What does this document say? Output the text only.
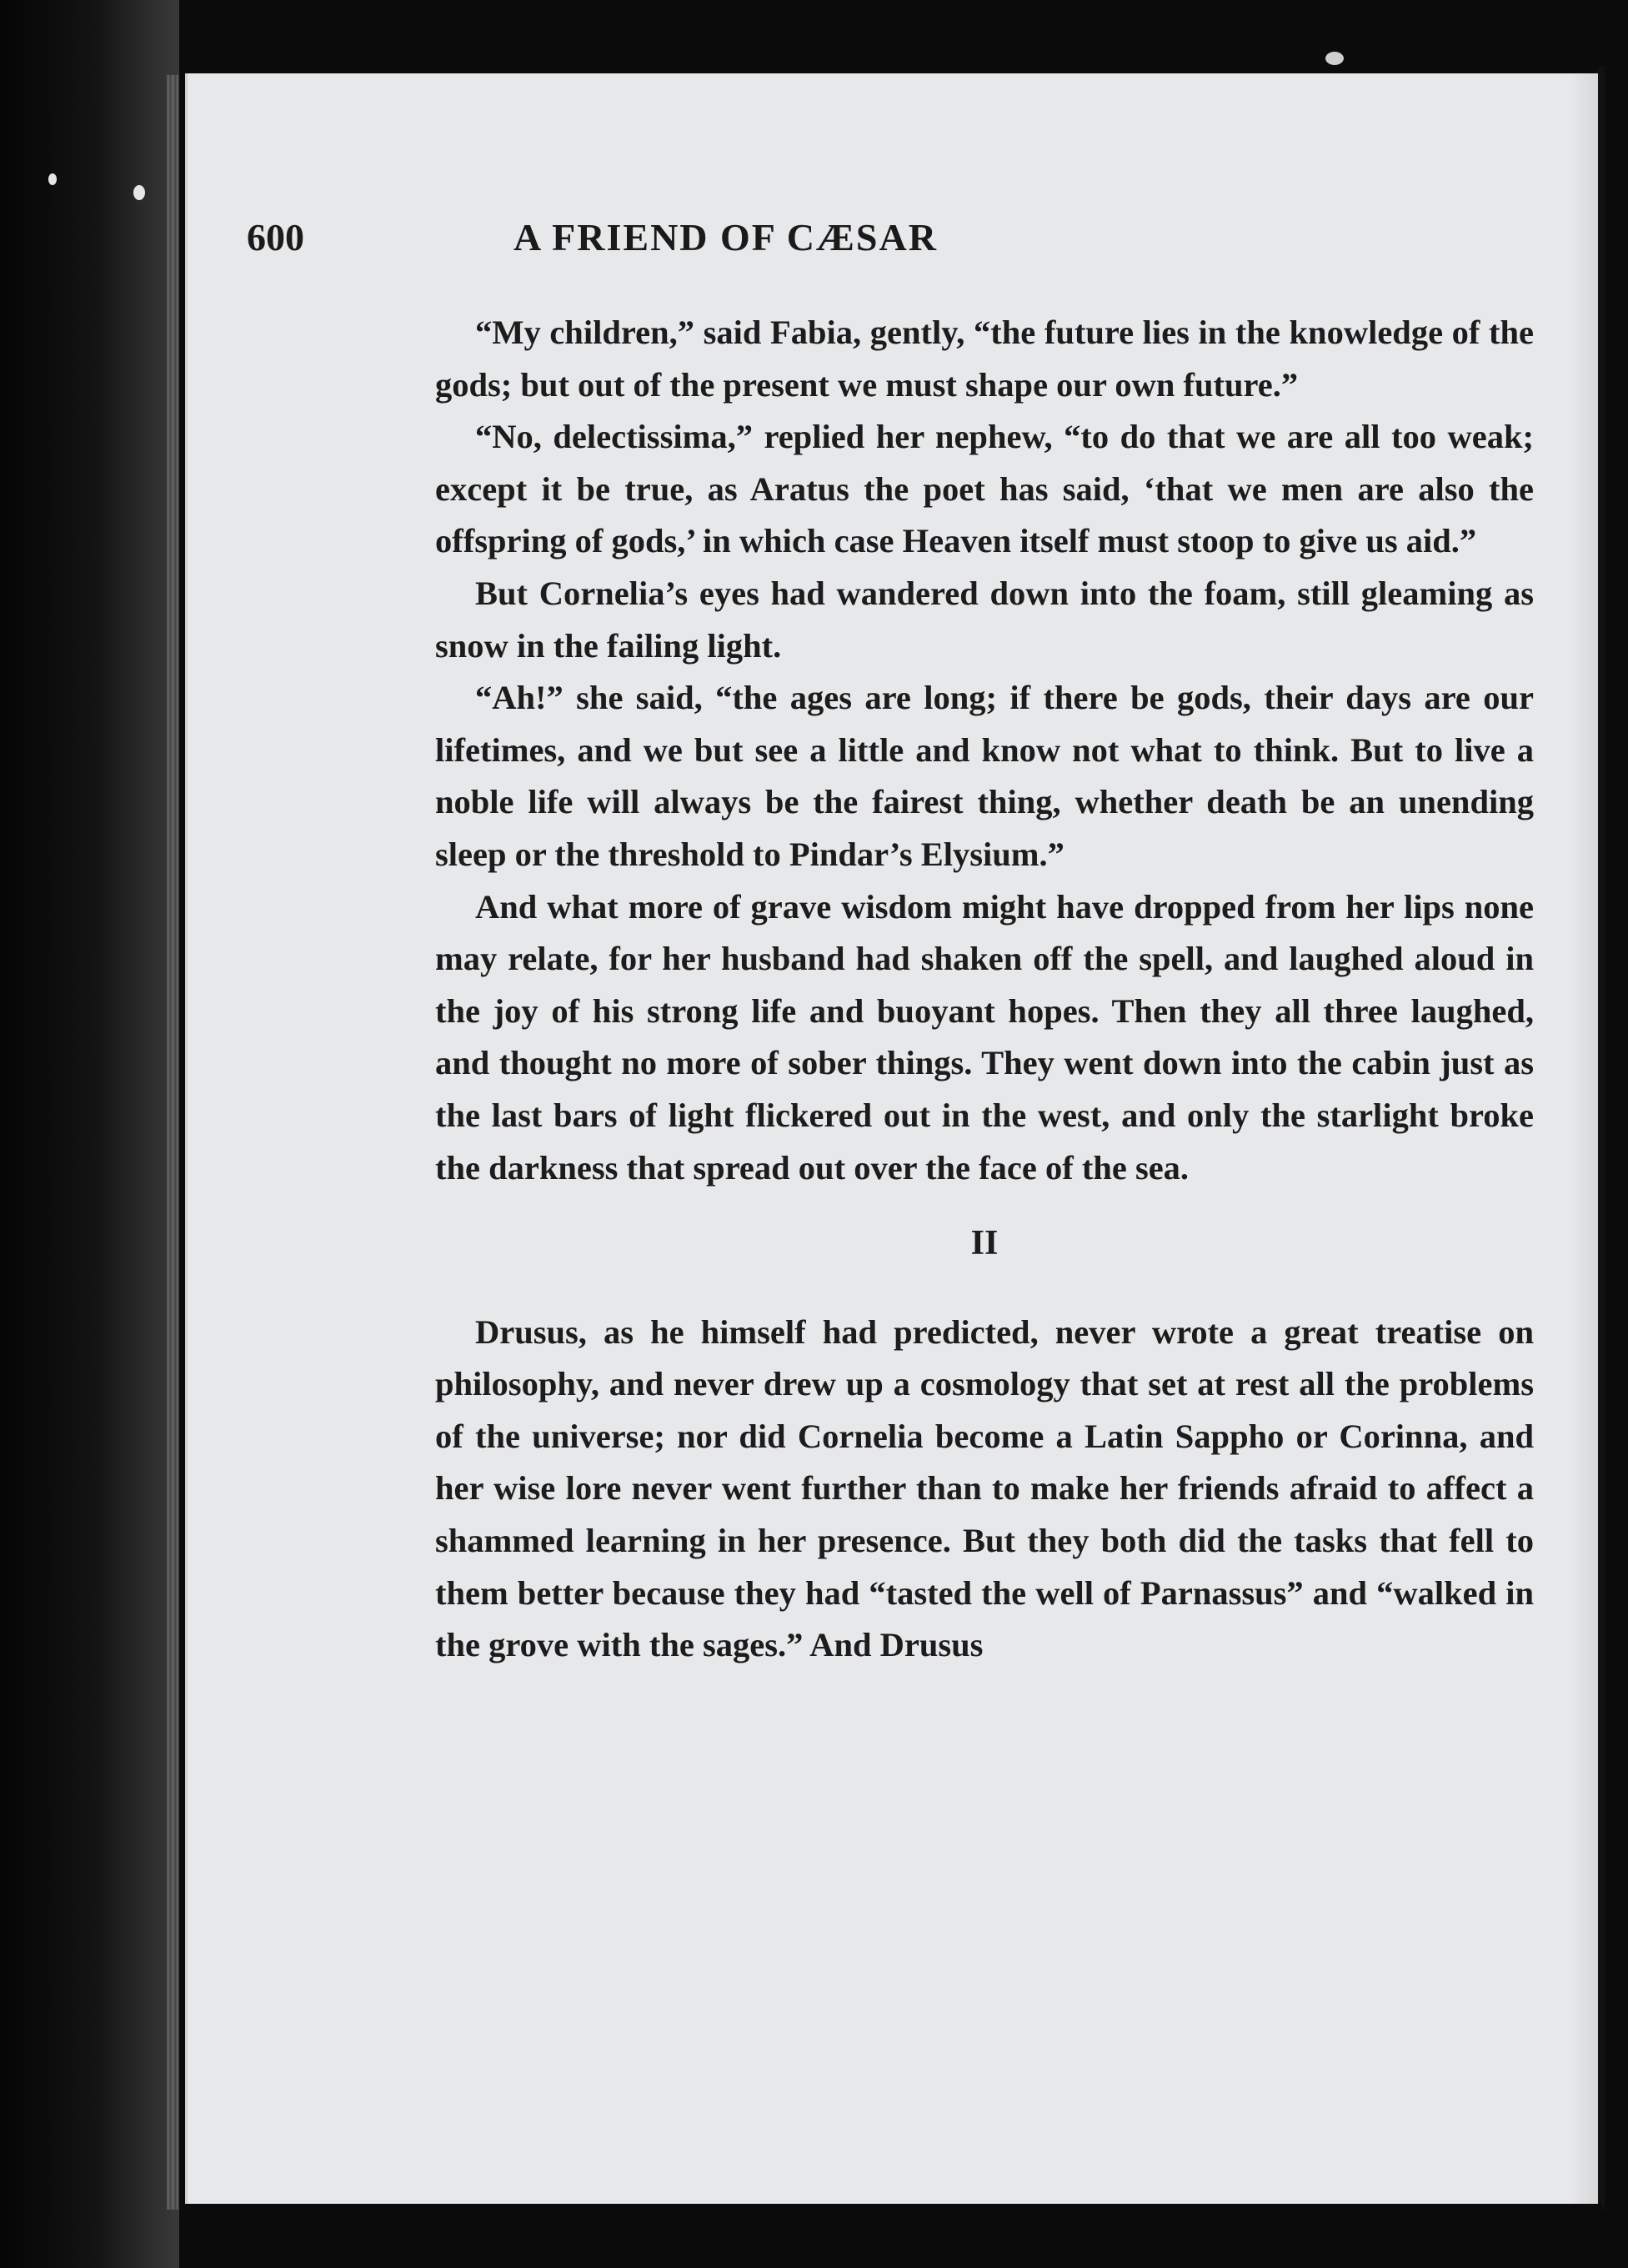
600	A FRIEND OF CÆSAR

“My children,” said Fabia, gently, “the future lies in the knowledge of the gods; but out of the present we must shape our own future.”

“No, delectissima,” replied her nephew, “to do that we are all too weak; except it be true, as Aratus the poet has said, ‘that we men are also the offspring of gods,’ in which case Heaven itself must stoop to give us aid.”

But Cornelia’s eyes had wandered down into the foam, still gleaming as snow in the failing light.

“Ah!” she said, “the ages are long; if there be gods, their days are our lifetimes, and we but see a little and know not what to think. But to live a noble life will always be the fairest thing, whether death be an unending sleep or the threshold to Pindar’s Elysium.”

And what more of grave wisdom might have dropped from her lips none may relate, for her husband had shaken off the spell, and laughed aloud in the joy of his strong life and buoyant hopes. Then they all three laughed, and thought no more of sober things. They went down into the cabin just as the last bars of light flickered out in the west, and only the starlight broke the darkness that spread out over the face of the sea.

II

Drusus, as he himself had predicted, never wrote a great treatise on philosophy, and never drew up a cosmology that set at rest all the problems of the universe; nor did Cornelia become a Latin Sappho or Corinna, and her wise lore never went further than to make her friends afraid to affect a shammed learning in her presence. But they both did the tasks that fell to them better because they had “tasted the well of Parnassus” and “walked in the grove with the sages.” And Drusus
